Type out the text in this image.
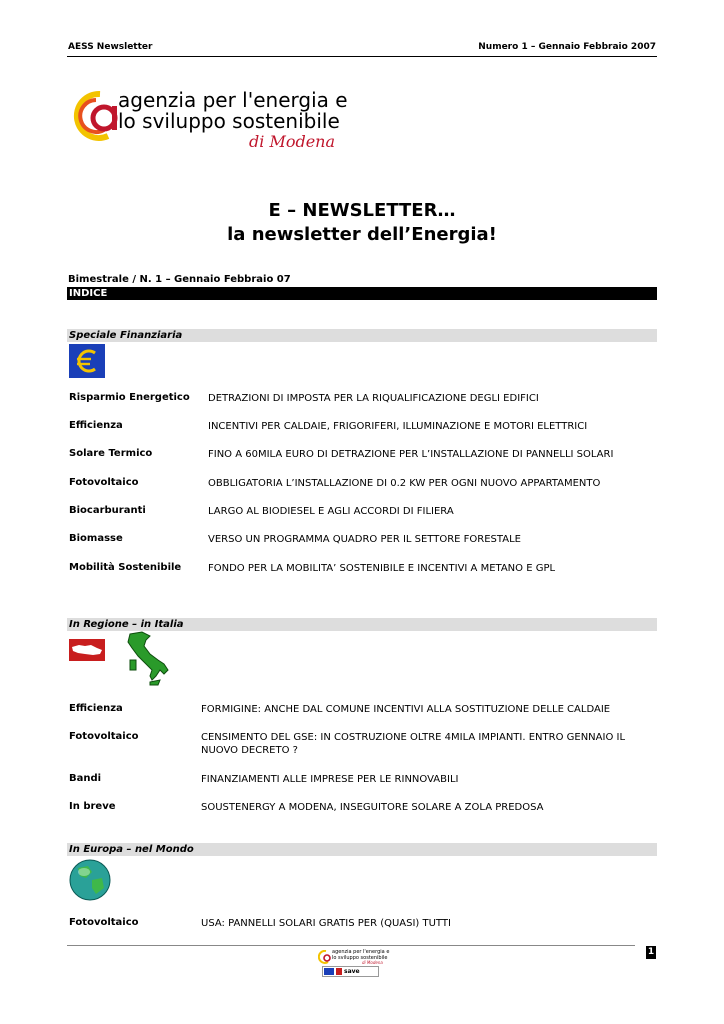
AESS Newsletter	Numero 1 – Gennaio Febbraio 2007
agenzia per l'energia e
lo sviluppo sostenibile
di Modena
E – NEWSLETTER…
la newsletter dell’Energia!
Bimestrale / N. 1 – Gennaio Febbraio 07
INDICE
Speciale Finanziaria
Risparmio Energetico DETRAZIONI DI IMPOSTA PER LA RIQUALIFICAZIONE DEGLI EDIFICI
Efficienza	INCENTIVI PER CALDAIE, FRIGORIFERI, ILLUMINAZIONE E MOTORI ELETTRICI
Solare Termico	FINO A 60MILA EURO DI DETRAZIONE PER L’INSTALLAZIONE DI PANNELLI SOLARI
Fotovoltaico	OBBLIGATORIA L’INSTALLAZIONE DI 0.2 KW PER OGNI NUOVO APPARTAMENTO
Biocarburanti	LARGO AL BIODIESEL E AGLI ACCORDI DI FILIERA
Biomasse	VERSO UN PROGRAMMA QUADRO PER IL SETTORE FORESTALE
Mobilità Sostenibile	FONDO PER LA MOBILITA’ SOSTENIBILE E INCENTIVI A METANO E GPL
In Regione – in Italia
Efficienza	FORMIGINE: ANCHE DAL COMUNE INCENTIVI ALLA SOSTITUZIONE DELLE CALDAIE
Fotovoltaico	CENSIMENTO DEL GSE: IN COSTRUZIONE OLTRE 4MILA IMPIANTI. ENTRO GENNAIO IL NUOVO DECRETO ?
Bandi	FINANZIAMENTI ALLE IMPRESE PER LE RINNOVABILI
In breve	SOUSTENERGY A MODENA, INSEGUITORE SOLARE A ZOLA PREDOSA
In Europa – nel Mondo
Fotovoltaico	USA: PANNELLI SOLARI GRATIS PER (QUASI) TUTTI
1
agenzia per l'energia e
lo sviluppo sostenibile
di Modena
save
